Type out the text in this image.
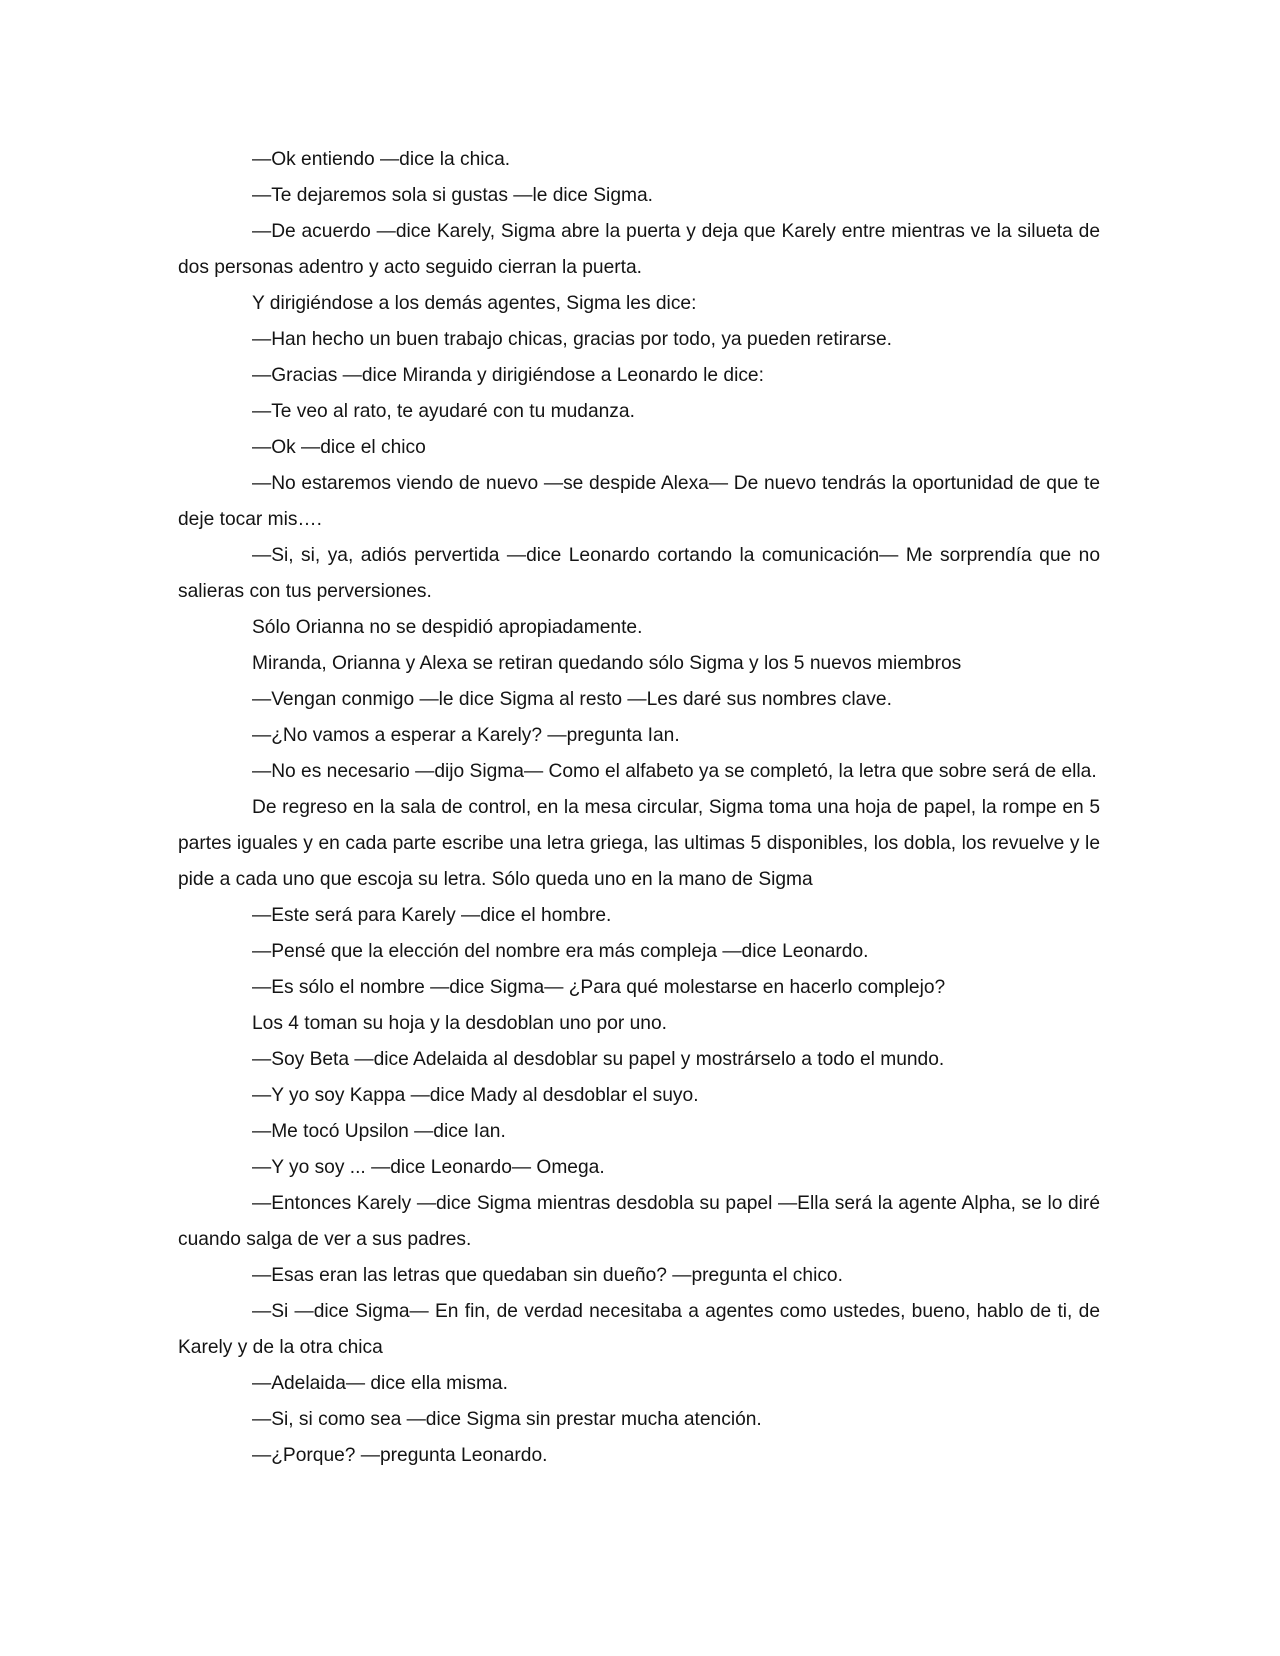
—Ok entiendo —dice la chica.

—Te dejaremos sola si gustas —le dice Sigma.

—De acuerdo —dice Karely, Sigma abre la puerta y deja que Karely entre mientras ve la silueta de dos personas adentro y acto seguido cierran la puerta.

Y dirigiéndose a los demás agentes, Sigma les dice:

—Han hecho un buen trabajo chicas, gracias por todo, ya pueden retirarse.

—Gracias —dice Miranda y dirigiéndose a Leonardo le dice:

—Te veo al rato, te ayudaré con tu mudanza.

—Ok —dice el chico

—No estaremos viendo de nuevo —se despide Alexa— De nuevo tendrás la oportunidad de que te deje tocar mis….

—Si, si, ya, adiós pervertida —dice Leonardo cortando la comunicación— Me sorprendía que no salieras con tus perversiones.

Sólo Orianna no se despidió apropiadamente.

Miranda, Orianna y Alexa se retiran quedando sólo Sigma y los 5 nuevos miembros

—Vengan conmigo —le dice Sigma al resto —Les daré sus nombres clave.

—¿No vamos a esperar a Karely? —pregunta Ian.

—No es necesario —dijo Sigma— Como el alfabeto ya se completó, la letra que sobre será de ella.

De regreso en la sala de control, en la mesa circular, Sigma toma una hoja de papel, la rompe en 5 partes iguales y en cada parte escribe una letra griega, las ultimas 5 disponibles, los dobla, los revuelve y le pide a cada uno que escoja su letra. Sólo queda uno en la mano de Sigma

—Este será para Karely —dice el hombre.

—Pensé que la elección del nombre era más compleja —dice Leonardo.

—Es sólo el nombre —dice Sigma— ¿Para qué molestarse en hacerlo complejo?

Los 4 toman su hoja y la desdoblan uno por uno.

—Soy Beta —dice Adelaida al desdoblar su papel y mostrárselo a todo el mundo.

—Y yo soy Kappa —dice Mady al desdoblar el suyo.

—Me tocó Upsilon —dice Ian.

—Y yo soy ... —dice Leonardo— Omega.

—Entonces Karely —dice Sigma mientras desdobla su papel —Ella será la agente Alpha, se lo diré cuando salga de ver a sus padres.

—Esas eran las letras que quedaban sin dueño? —pregunta el chico.

—Si —dice Sigma— En fin, de verdad necesitaba a agentes como ustedes, bueno, hablo de ti, de Karely y de la otra chica

—Adelaida— dice ella misma.

—Si, si como sea —dice Sigma sin prestar mucha atención.

—¿Porque? —pregunta Leonardo.
